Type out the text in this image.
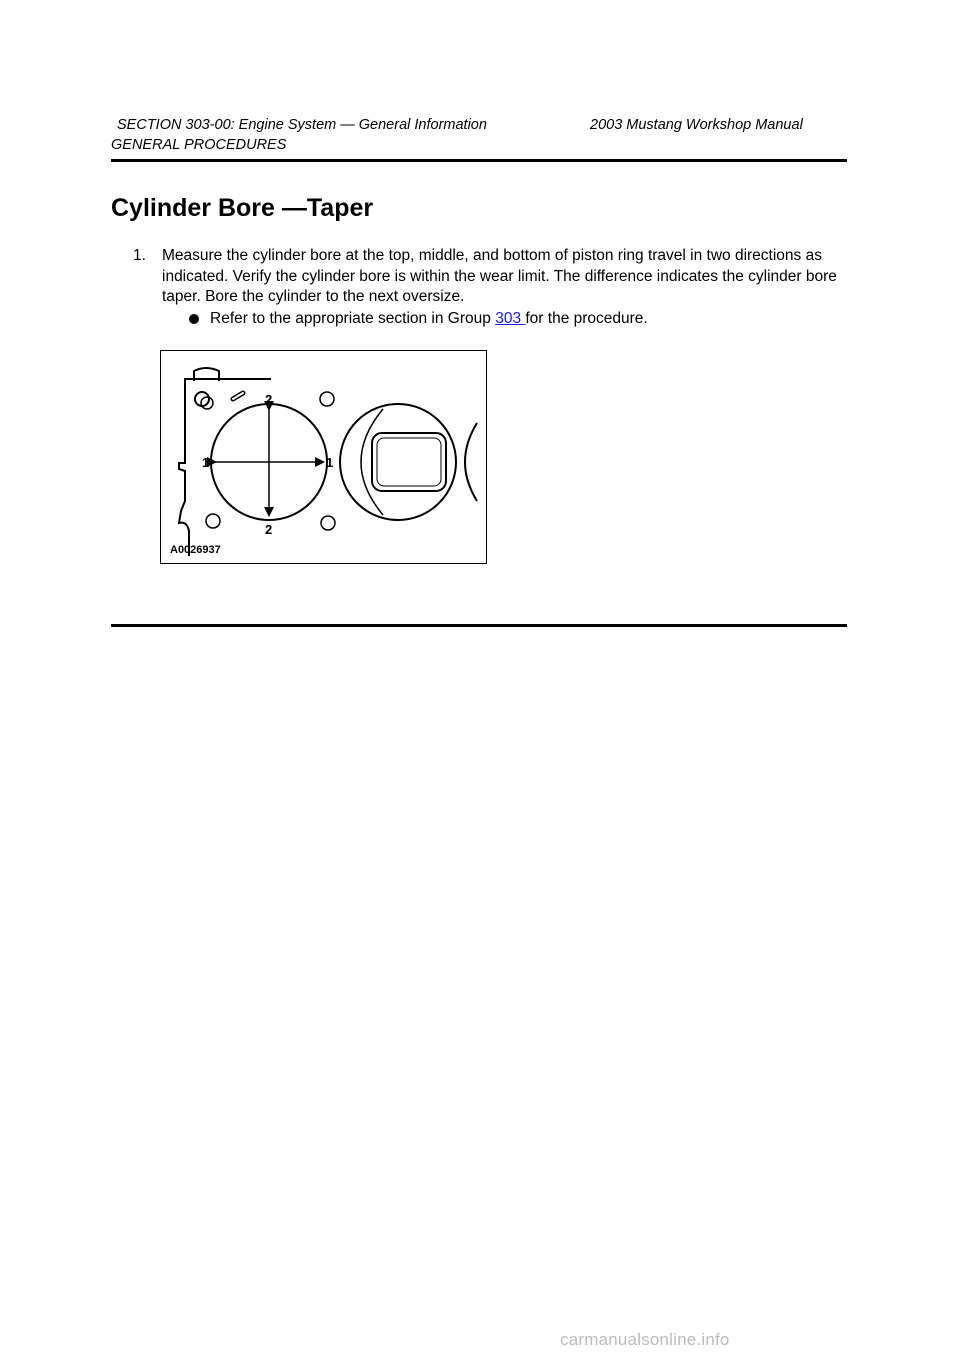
SECTION 303-00: Engine System — General Information	2003 Mustang Workshop Manual
GENERAL PROCEDURES
Cylinder Bore —Taper
1. Measure the cylinder bore at the top, middle, and bottom of piston ring travel in two directions as indicated. Verify the cylinder bore is within the wear limit. The difference indicates the cylinder bore taper. Bore the cylinder to the next oversize.
Refer to the appropriate section in Group 303 for the procedure.
2
2
1	1
A0026937
carmanualsonline.info
